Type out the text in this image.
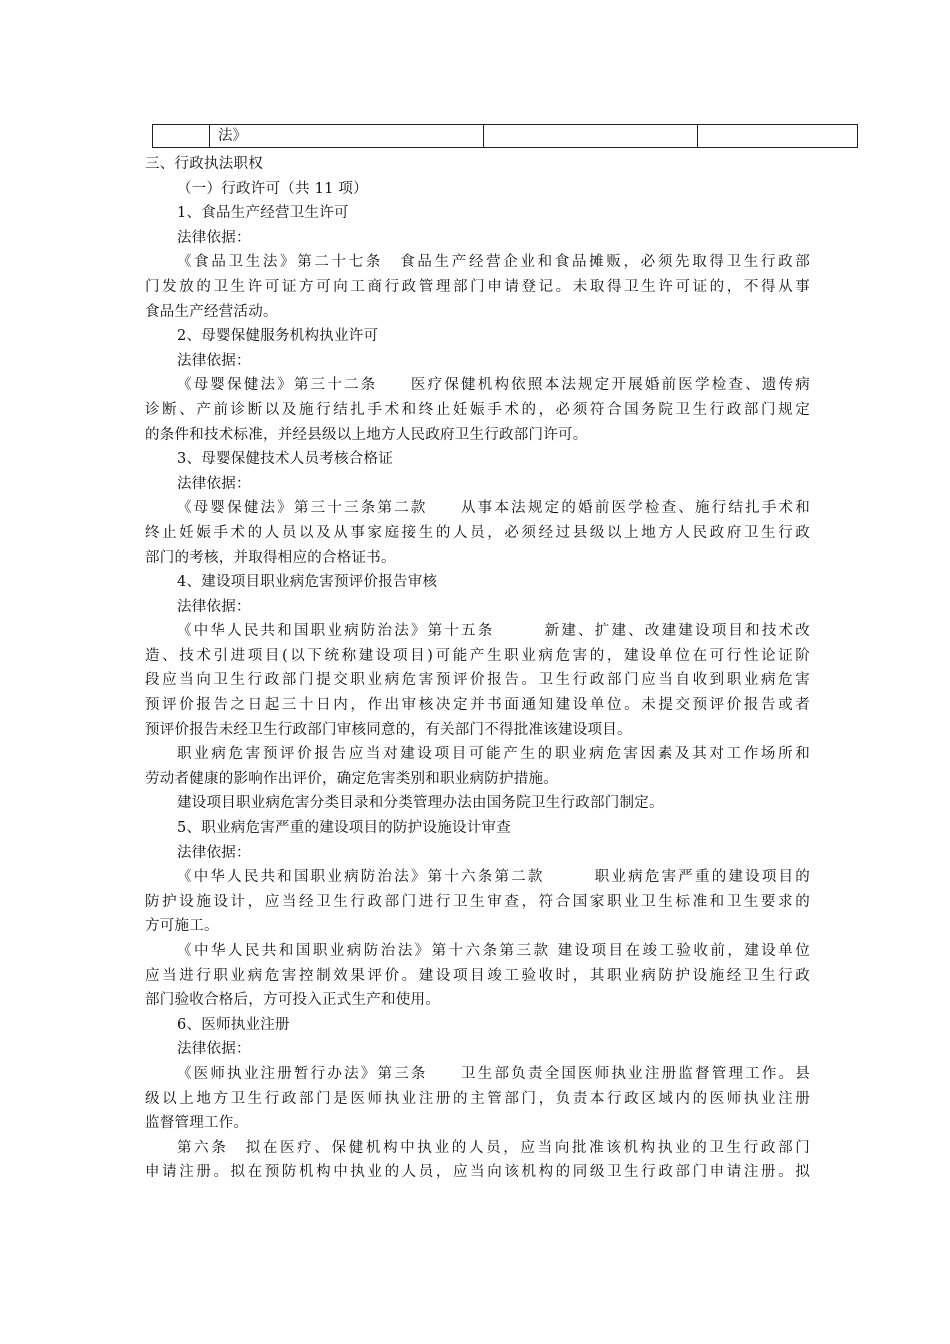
	法》		
三、行政执法职权
（一）行政许可（共 11 项）
1、食品生产经营卫生许可
法律依据：
《食品卫生法》第二十七条　食品生产经营企业和食品摊贩，必须先取得卫生行政部
门发放的卫生许可证方可向工商行政管理部门申请登记。未取得卫生许可证的，不得从事
食品生产经营活动。
2、母婴保健服务机构执业许可
法律依据：
《母婴保健法》第三十二条　　医疗保健机构依照本法规定开展婚前医学检查、遗传病
诊断、产前诊断以及施行结扎手术和终止妊娠手术的，必须符合国务院卫生行政部门规定
的条件和技术标准，并经县级以上地方人民政府卫生行政部门许可。
3、母婴保健技术人员考核合格证
法律依据：
《母婴保健法》第三十三条第二款　　从事本法规定的婚前医学检查、施行结扎手术和
终止妊娠手术的人员以及从事家庭接生的人员，必须经过县级以上地方人民政府卫生行政
部门的考核，并取得相应的合格证书。
4、建设项目职业病危害预评价报告审核
法律依据：
《中华人民共和国职业病防治法》第十五条　　　新建、扩建、改建建设项目和技术改
造、技术引进项目(以下统称建设项目)可能产生职业病危害的，建设单位在可行性论证阶
段应当向卫生行政部门提交职业病危害预评价报告。卫生行政部门应当自收到职业病危害
预评价报告之日起三十日内，作出审核决定并书面通知建设单位。未提交预评价报告或者
预评价报告未经卫生行政部门审核同意的，有关部门不得批准该建设项目。
职业病危害预评价报告应当对建设项目可能产生的职业病危害因素及其对工作场所和
劳动者健康的影响作出评价，确定危害类别和职业病防护措施。
建设项目职业病危害分类目录和分类管理办法由国务院卫生行政部门制定。
5、职业病危害严重的建设项目的防护设施设计审查
法律依据：
《中华人民共和国职业病防治法》第十六条第二款　　　职业病危害严重的建设项目的
防护设施设计，应当经卫生行政部门进行卫生审查，符合国家职业卫生标准和卫生要求的
方可施工。
《中华人民共和国职业病防治法》第十六条第三款 建设项目在竣工验收前，建设单位
应当进行职业病危害控制效果评价。建设项目竣工验收时，其职业病防护设施经卫生行政
部门验收合格后，方可投入正式生产和使用。
6、医师执业注册
法律依据：
《医师执业注册暂行办法》第三条　　卫生部负责全国医师执业注册监督管理工作。县
级以上地方卫生行政部门是医师执业注册的主管部门，负责本行政区域内的医师执业注册
监督管理工作。
第六条　拟在医疗、保健机构中执业的人员，应当向批准该机构执业的卫生行政部门
申请注册。拟在预防机构中执业的人员，应当向该机构的同级卫生行政部门申请注册。拟
